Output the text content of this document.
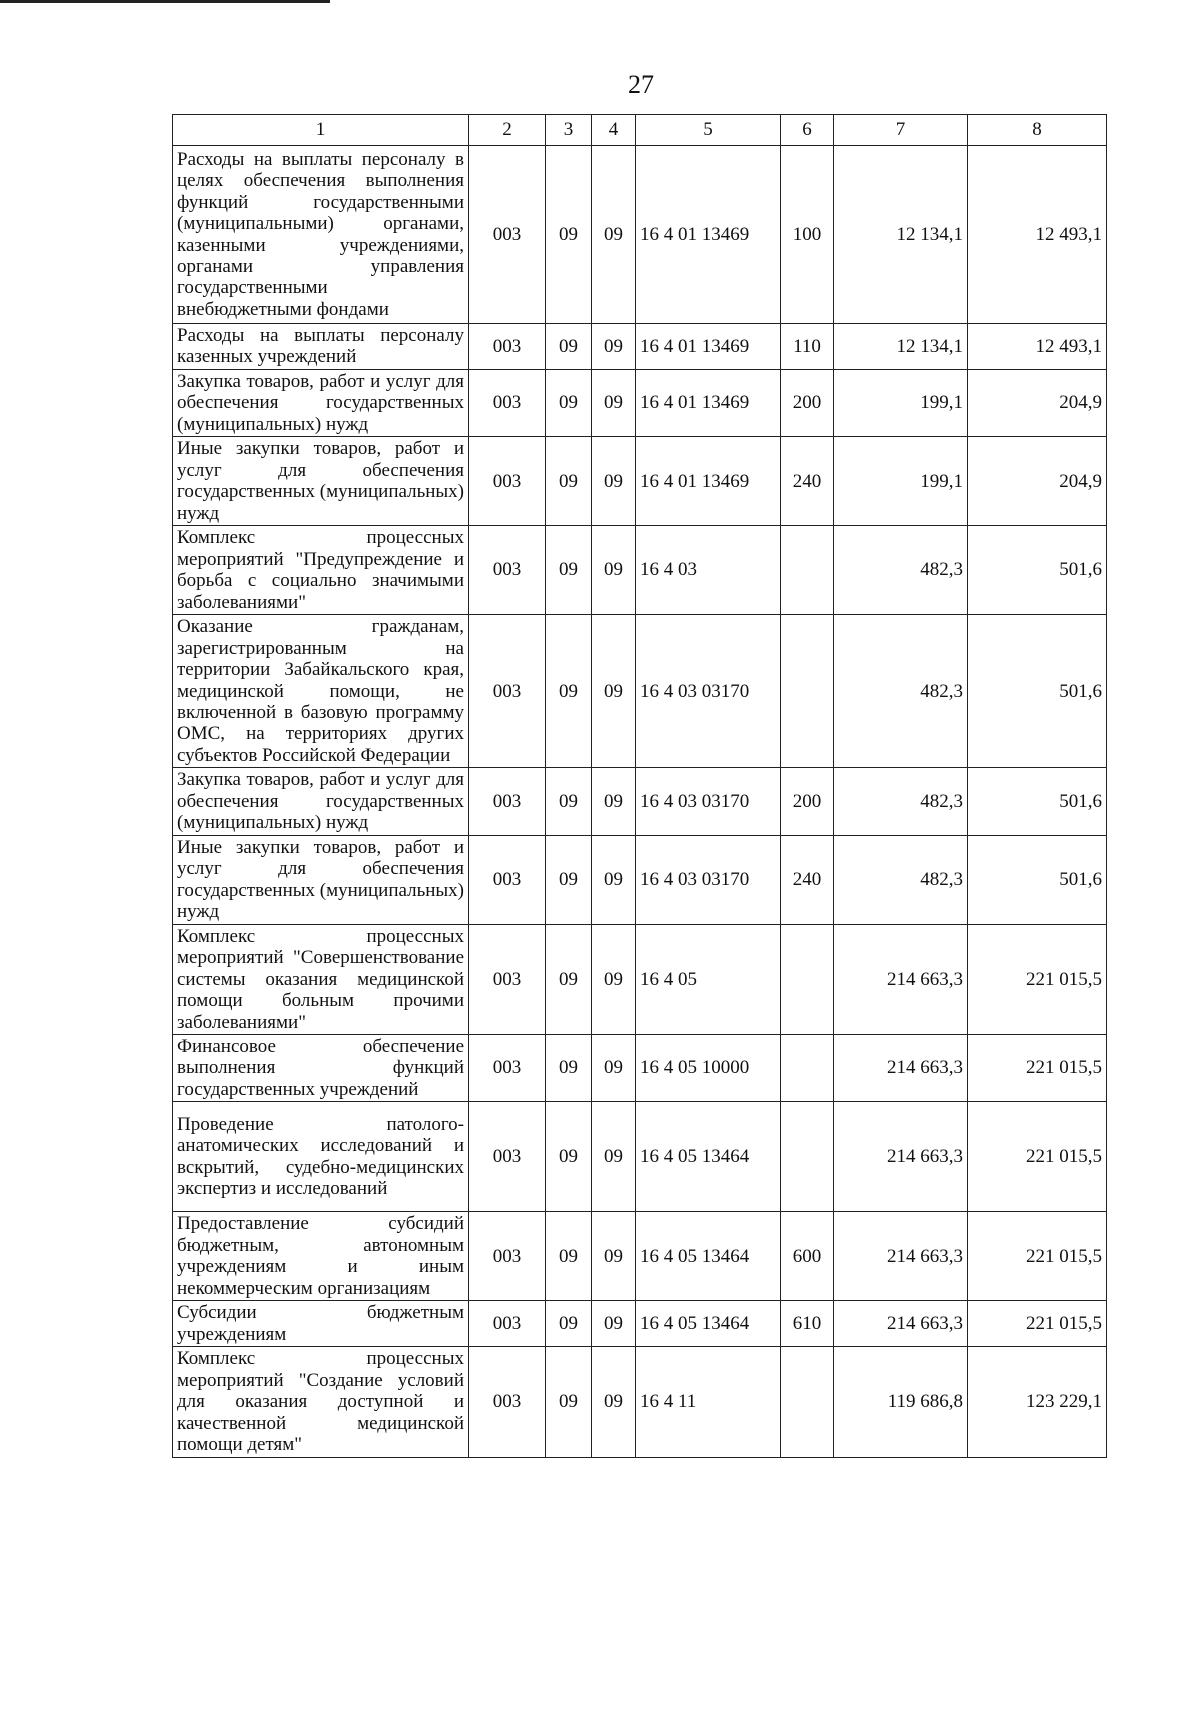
27
1	2	3	4	5	6	7	8
Расходы на выплаты персоналу в целях обеспечения выполнения функций государственными (муниципальными) органами, казенными учреждениями, органами управления государственными внебюджетными фондами	003	09	09	16 4 01 13469	100	12 134,1	12 493,1
Расходы на выплаты персоналу казенных учреждений	003	09	09	16 4 01 13469	110	12 134,1	12 493,1
Закупка товаров, работ и услуг для обеспечения государственных (муниципальных) нужд	003	09	09	16 4 01 13469	200	199,1	204,9
Иные закупки товаров, работ и услуг для обеспечения государственных (муниципальных) нужд	003	09	09	16 4 01 13469	240	199,1	204,9
Комплекс процессных мероприятий "Предупреждение и борьба с социально значимыми заболеваниями"	003	09	09	16 4 03		482,3	501,6
Оказание гражданам, зарегистрированным на территории Забайкальского края, медицинской помощи, не включенной в базовую программу ОМС, на территориях других субъектов Российской Федерации	003	09	09	16 4 03 03170		482,3	501,6
Закупка товаров, работ и услуг для обеспечения государственных (муниципальных) нужд	003	09	09	16 4 03 03170	200	482,3	501,6
Иные закупки товаров, работ и услуг для обеспечения государственных (муниципальных) нужд	003	09	09	16 4 03 03170	240	482,3	501,6
Комплекс процессных мероприятий "Совершенствование системы оказания медицинской помощи больным прочими заболеваниями"	003	09	09	16 4 05		214 663,3	221 015,5
Финансовое обеспечение выполнения функций государственных учреждений	003	09	09	16 4 05 10000		214 663,3	221 015,5
Проведение патолого-анатомических исследований и вскрытий, судебно-медицинских экспертиз и исследований	003	09	09	16 4 05 13464		214 663,3	221 015,5
Предоставление субсидий бюджетным, автономным учреждениям и иным некоммерческим организациям	003	09	09	16 4 05 13464	600	214 663,3	221 015,5
Субсидии бюджетным учреждениям	003	09	09	16 4 05 13464	610	214 663,3	221 015,5
Комплекс процессных мероприятий "Создание условий для оказания доступной и качественной медицинской помощи детям"	003	09	09	16 4 11		119 686,8	123 229,1
